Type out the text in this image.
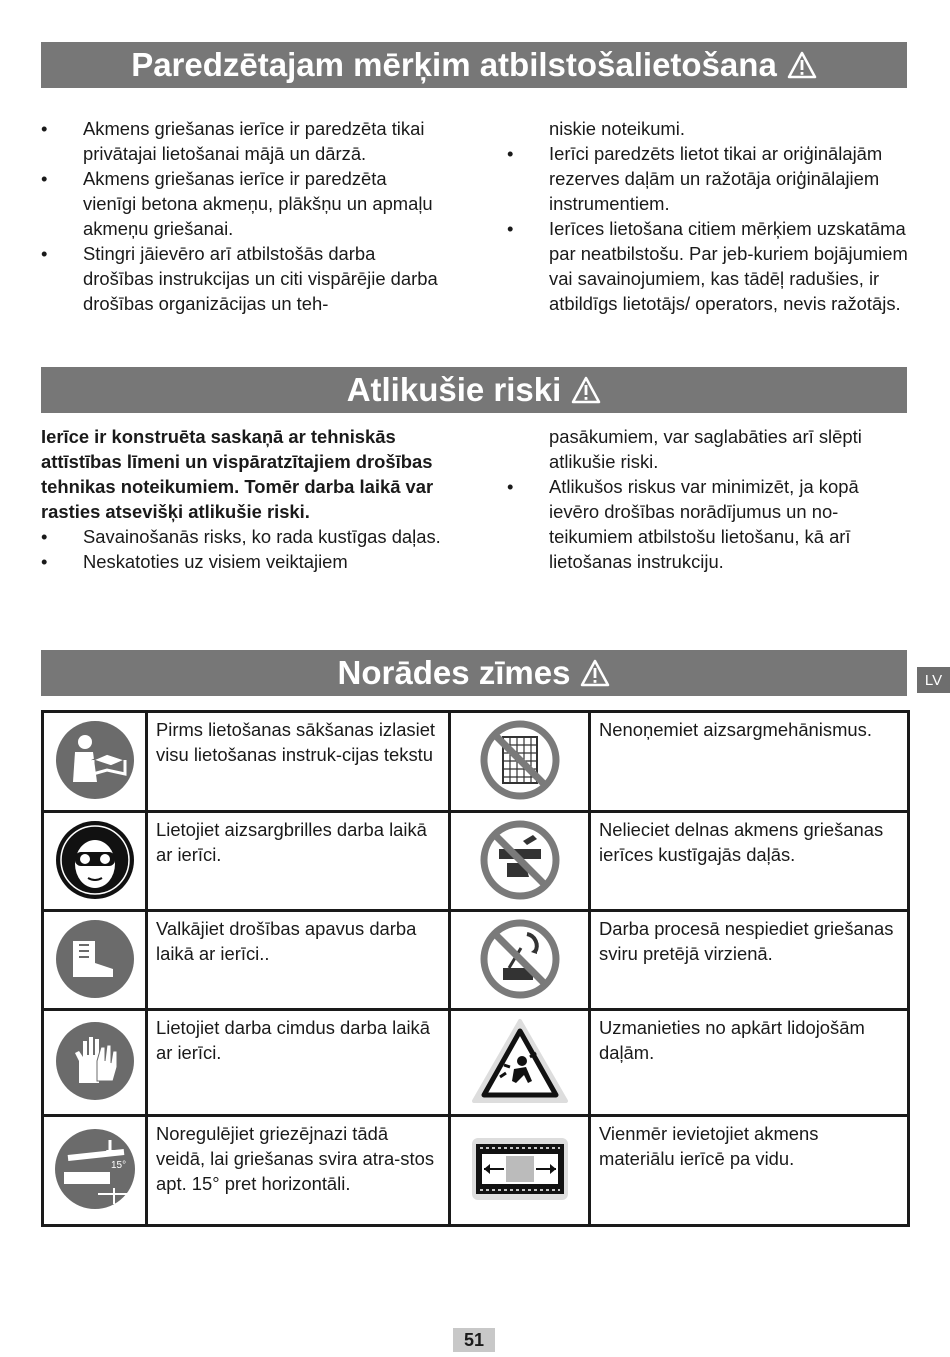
Paredzētajam mērķim atbilstošalietošana
• Akmens griešanas ierīce ir paredzēta tikai privātajai lietošanai mājā un dārzā.
• Akmens griešanas ierīce ir paredzēta vienīgi betona akmeņu, plākšņu un apmaļu akmeņu griešanai.
• Stingri jāievēro arī atbilstošās darba drošības instrukcijas un citi vispārējie darba drošības organizācijas un teh-
niskie noteikumi.
• Ierīci paredzēts lietot tikai ar oriģinālajām rezerves daļām un ražotāja oriģinālajiem instrumentiem.
• Ierīces lietošana citiem mērķiem uzskatāma par neatbilstošu. Par jeb-kuriem bojājumiem vai savainojumiem, kas tādēļ radušies, ir atbildīgs lietotājs/ operators, nevis ražotājs.
Atlikušie riski
Ierīce ir konstruēta saskaņā ar tehniskās attīstības līmeni un vispāratzītajiem drošības tehnikas noteikumiem. Tomēr darba laikā var rasties atsevišķi atlikušie riski.
• Savainošanās risks, ko rada kustīgas daļas.
• Neskatoties uz visiem veiktajiem
pasākumiem, var saglabāties arī slēpti atlikušie riski.
• Atlikušos riskus var minimizēt, ja kopā ievēro drošības norādījumus un no-teikumiem atbilstošu lietošanu, kā arī lietošanas instrukciju.
Norādes zīmes	LV
	Pirms lietošanas sākšanas izlasiet visu lietošanas instruk-cijas tekstu		Nenoņemiet aizsargmehānismus.

	Lietojiet aizsargbrilles darba laikā ar ierīci.		Nelieciet delnas akmens griešanas ierīces kustīgajās daļās.

	Valkājiet drošības apavus darba laikā ar ierīci..		Darba procesā nespiediet griešanas sviru pretējā virzienā.

	Lietojiet darba cimdus darba laikā ar ierīci.		Uzmanieties no apkārt lidojošām daļām.

15°	Noregulējiet griezējnazi tādā veidā, lai griešanas svira atra-stos apt. 15° pret horizontāli.		Vienmēr ievietojiet akmens materiālu ierīcē pa vidu.
51
